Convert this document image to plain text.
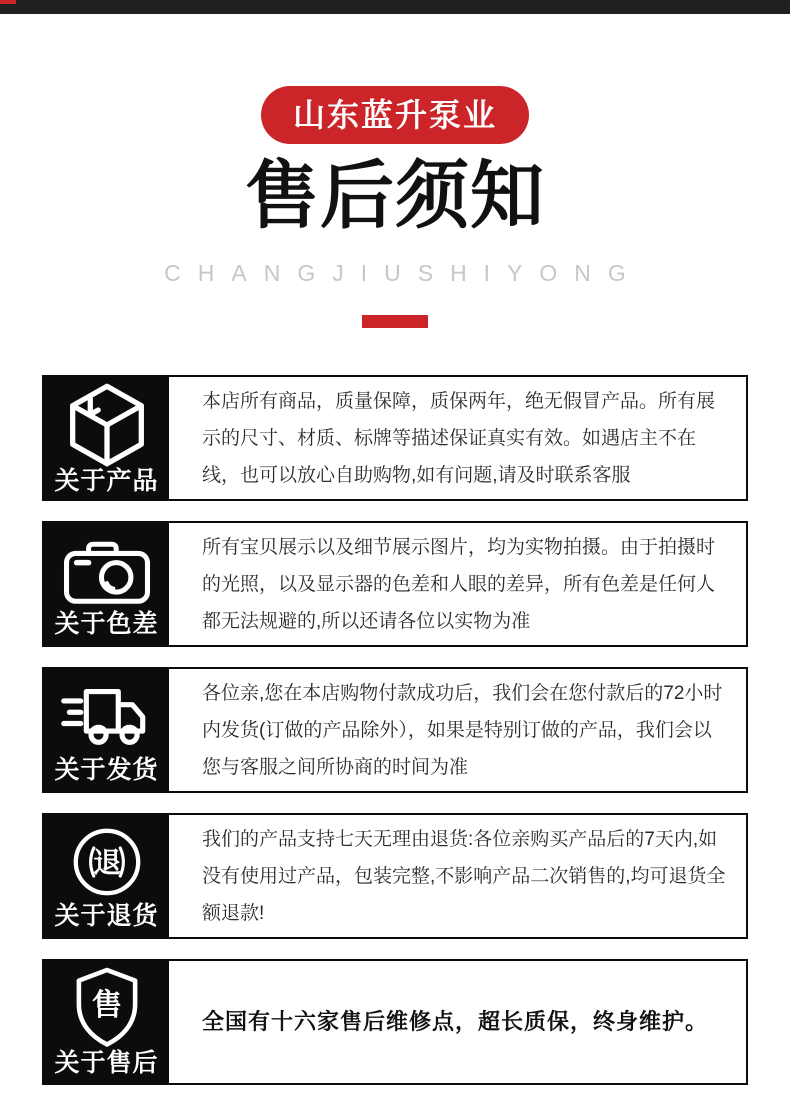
山东蓝升泵业
售后须知
CHANGJIUSHIYONG
关于产品
本店所有商品，质量保障，质保两年，绝无假冒产品。所有展示的尺寸、材质、标牌等描述保证真实有效。如遇店主不在线，也可以放心自助购物,如有问题,请及时联系客服
关于色差
所有宝贝展示以及细节展示图片，均为实物拍摄。由于拍摄时的光照，以及显示器的色差和人眼的差异，所有色差是任何人都无法规避的,所以还请各位以实物为准
关于发货
各位亲,您在本店购物付款成功后，我们会在您付款后的72小时内发货(订做的产品除外），如果是特别订做的产品，我们会以您与客服之间所协商的时间为准
退
关于退货
我们的产品支持七天无理由退货:各位亲购买产品后的7天内,如没有使用过产品，包装完整,不影响产品二次销售的,均可退货全额退款!
售
关于售后
全国有十六家售后维修点，超长质保，终身维护。
